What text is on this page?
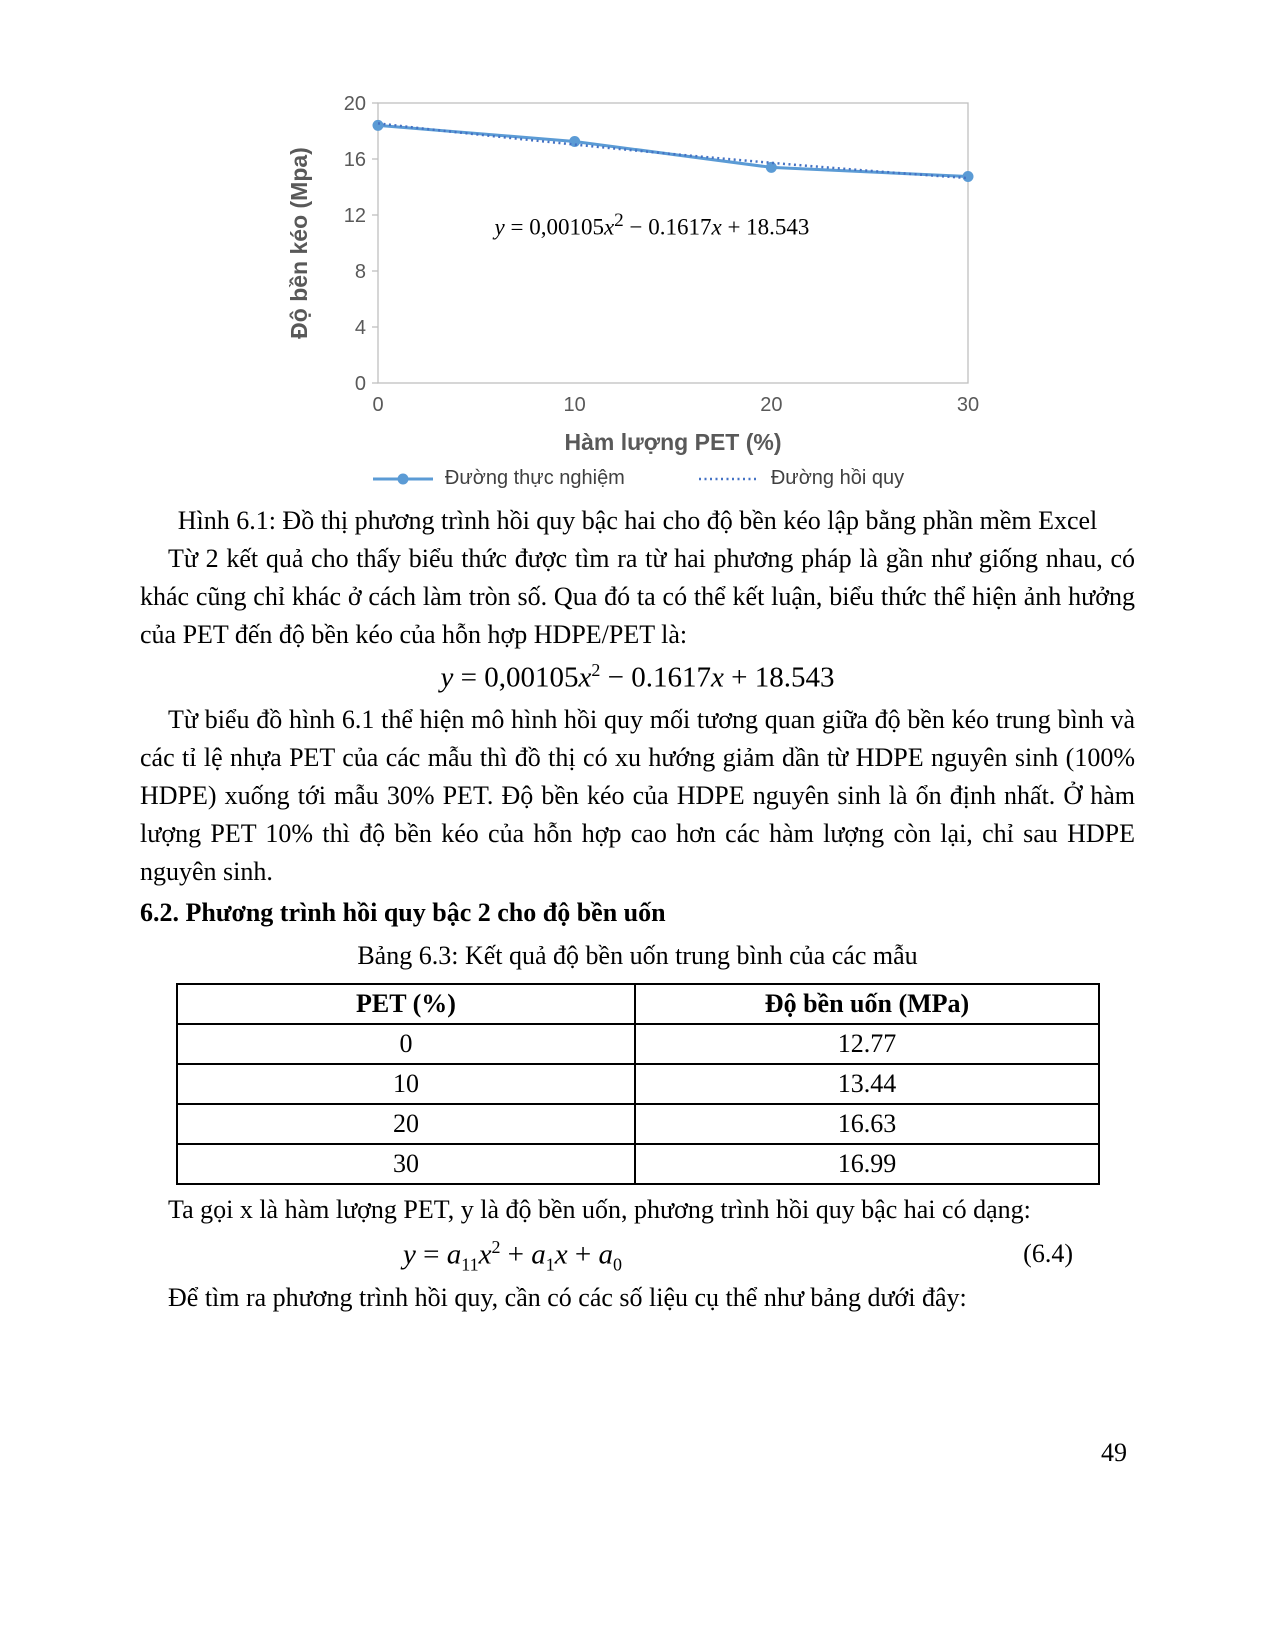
0
4
8
12
16
20
0	10	20	30
Hàm lượng PET (%)
Độ bền kéo (Mpa)	$y = 0,00105x^2 - 0.1617x + 18.543$
Đường thực nghiệm	Đường hồi quy
Hình 6.1: Đồ thị phương trình hồi quy bậc hai cho độ bền kéo lập bằng phần mềm Excel

Từ 2 kết quả cho thấy biểu thức được tìm ra từ hai phương pháp là gần như giống nhau, có khác cũng chỉ khác ở cách làm tròn số. Qua đó ta có thể kết luận, biểu thức thể hiện ảnh hưởng của PET đến độ bền kéo của hỗn hợp HDPE/PET là:

$y = 0,00105x^2 - 0.1617x + 18.543$

Từ biểu đồ hình 6.1 thể hiện mô hình hồi quy mối tương quan giữa độ bền kéo trung bình và các tỉ lệ nhựa PET của các mẫu thì đồ thị có xu hướng giảm dần từ HDPE nguyên sinh (100% HDPE) xuống tới mẫu 30% PET. Độ bền kéo của HDPE nguyên sinh là ổn định nhất. Ở hàm lượng PET 10% thì độ bền kéo của hỗn hợp cao hơn các hàm lượng còn lại, chỉ sau HDPE nguyên sinh.

6.2. Phương trình hồi quy bậc 2 cho độ bền uốn
Bảng 6.3: Kết quả độ bền uốn trung bình của các mẫu
PET (%)	Độ bền uốn (MPa)
0	12.77
10	13.44
20	16.63
30	16.99

Ta gọi x là hàm lượng PET, y là độ bền uốn, phương trình hồi quy bậc hai có dạng:

$y = a_{11}x^2 + a_1x + a_0$	(6.4)

Để tìm ra phương trình hồi quy, cần có các số liệu cụ thể như bảng dưới đây:

49
